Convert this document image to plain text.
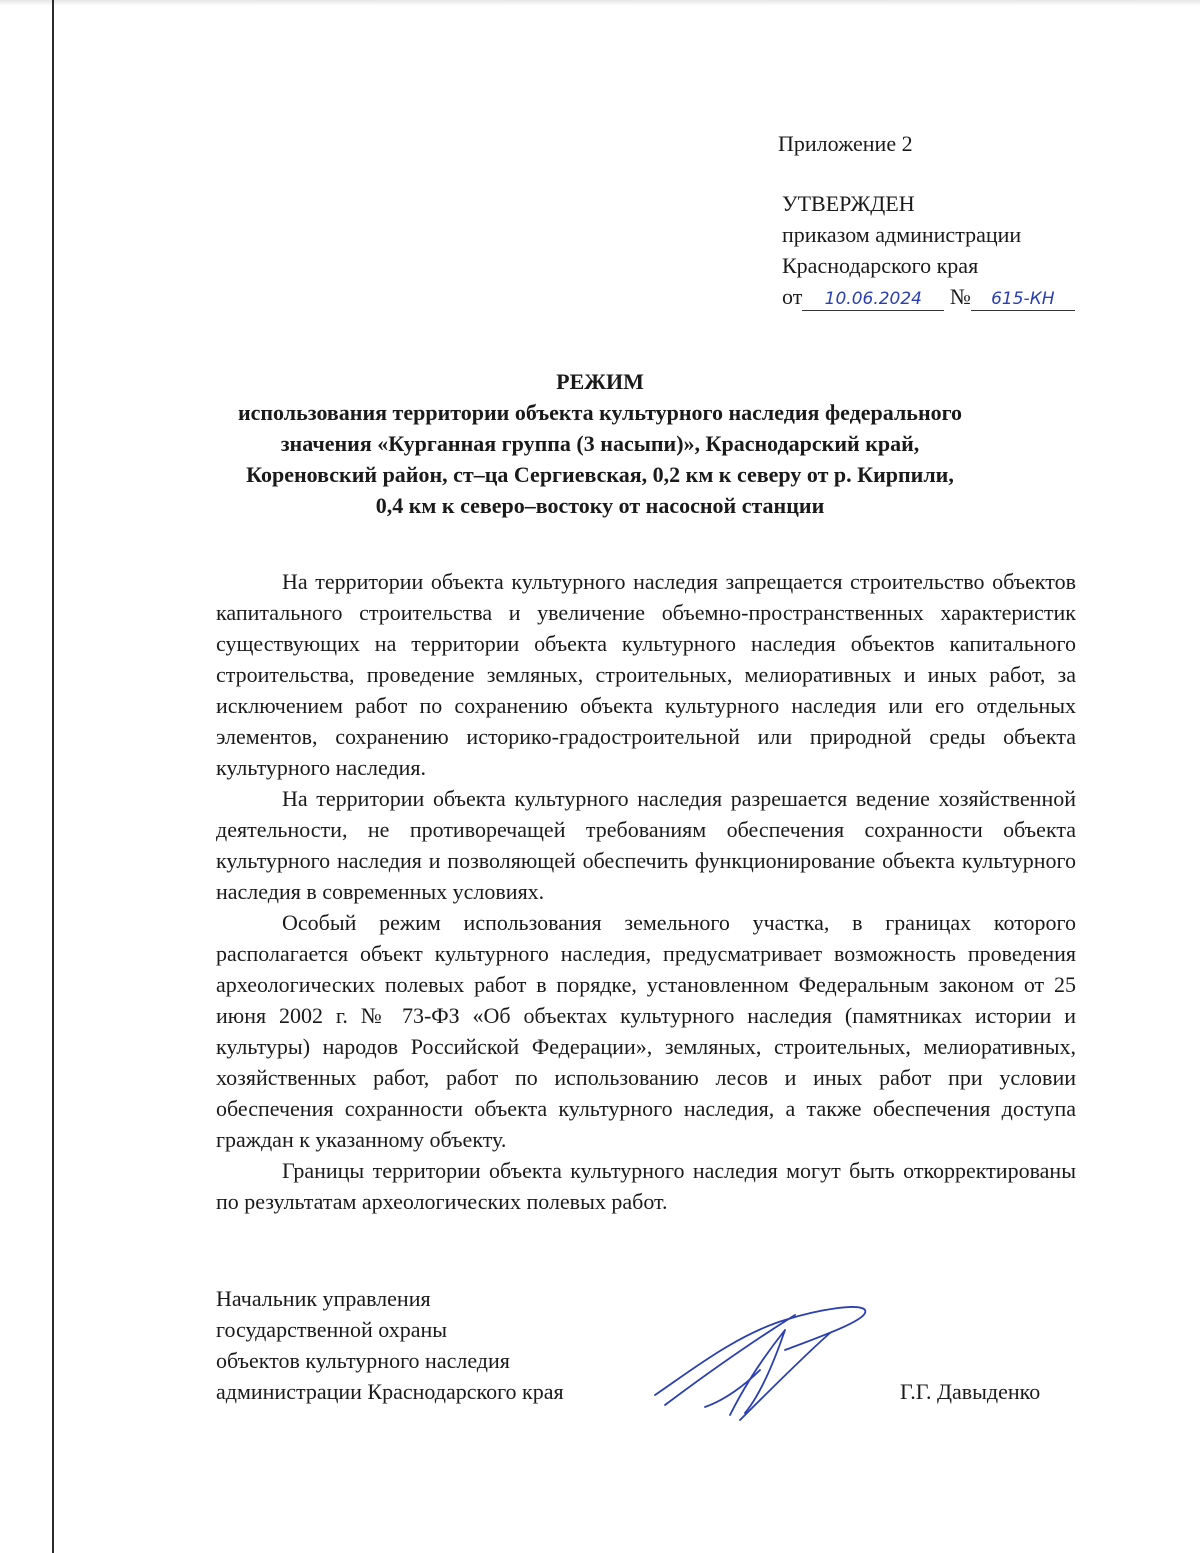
Приложение 2
УТВЕРЖДЕН
приказом администрации
Краснодарского края
от 10.06.2024 № 615-КН
РЕЖИМ
использования территории объекта культурного наследия федерального
значения «Курганная группа (3 насыпи)», Краснодарский край,
Кореновский район, ст–ца Сергиевская, 0,2 км к северу от р. Кирпили,
0,4 км к северо–востоку от насосной станции

На территории объекта культурного наследия запрещается строительство объектов капитального строительства и увеличение объемно-пространственных характеристик существующих на территории объекта культурного наследия объектов капитального строительства, проведение земляных, строительных, мелиоративных и иных работ, за исключением работ по сохранению объекта культурного наследия или его отдельных элементов, сохранению историко-градостроительной или природной среды объекта культурного наследия.

На территории объекта культурного наследия разрешается ведение хозяйственной деятельности, не противоречащей требованиям обеспечения сохранности объекта культурного наследия и позволяющей обеспечить функционирование объекта культурного наследия в современных условиях.

Особый режим использования земельного участка, в границах которого располагается объект культурного наследия, предусматривает возможность проведения археологических полевых работ в порядке, установленном Федеральным законом от 25 июня 2002 г. № 73-ФЗ «Об объектах культурного наследия (памятниках истории и культуры) народов Российской Федерации», земляных, строительных, мелиоративных, хозяйственных работ, работ по использованию лесов и иных работ при условии обеспечения сохранности объекта культурного наследия, а также обеспечения доступа граждан к указанному объекту.

Границы территории объекта культурного наследия могут быть откорректированы по результатам археологических полевых работ.

Начальник управления
государственной охраны
объектов культурного наследия
администрации Краснодарского края	Г.Г. Давыденко
